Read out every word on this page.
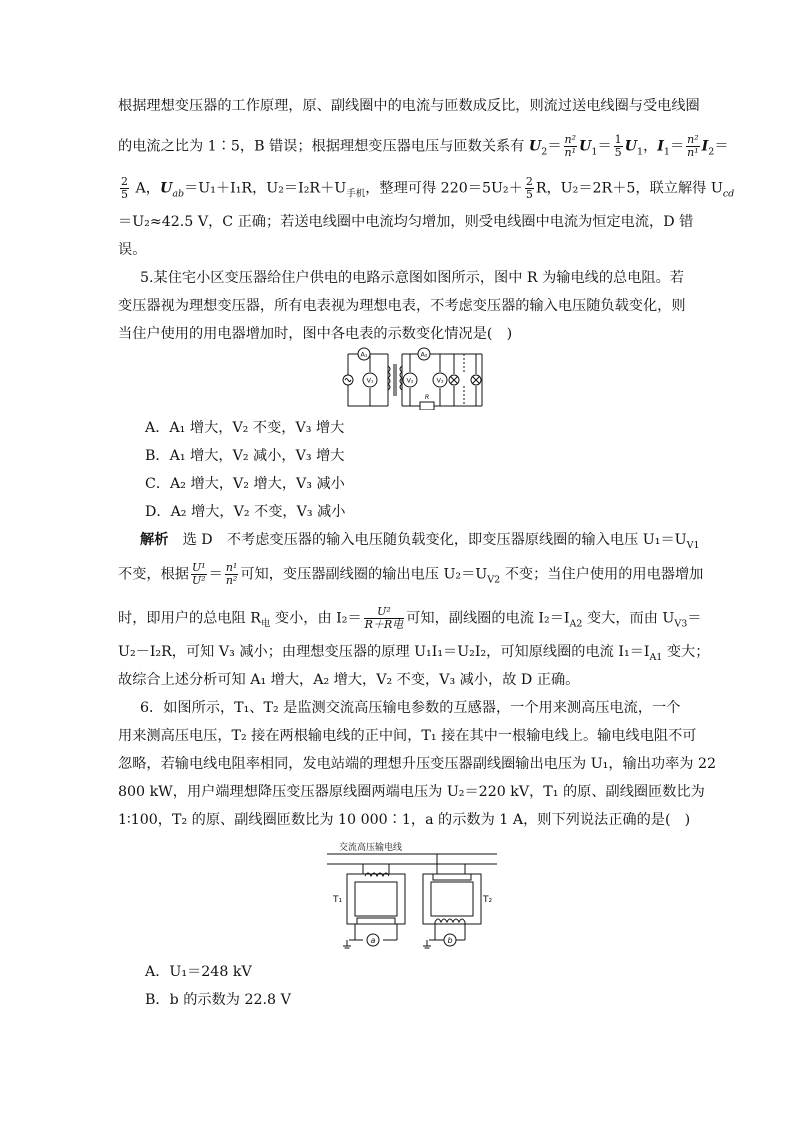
根据理想变压器的工作原理，原、副线圈中的电流与匝数成反比，则流过送电线圈与受电线圈
的电流之比为 1∶5，B 错误；根据理想变压器电压与匝数关系有 $U_2= \frac{\text{n²}}{\text{n¹}} U_1= \frac{1}{5} U_1$，$I_1= \frac{\text{n²}}{\text{n¹}} I_2=$
$\frac{2}{5}$ A，$U_{ab}=U_1+I_1R$，$U_2=I_2R+U_{手机}$，整理可得 $220=5U_2+ \frac{2}{5}$ R，U₂＝2R＋5，联立解得 $U_{cd}$
＝U₂≈42.5 V，C 正确；若送电线圈中电流均匀增加，则受电线圈中电流为恒定电流，D 错
误。
5.某住宅小区变压器给住户供电的电路示意图如图所示，图中 R 为输电线的总电阻。若
变压器视为理想变压器，所有电表视为理想电表，不考虑变压器的输入电压随负载变化，则
当住户使用的用电器增加时，图中各电表的示数变化情况是(　)
A₁	A₂
V₁	V₂	V₃
R
A．A₁ 增大，V₂ 不变，V₃ 增大
B．A₁ 增大，V₂ 减小，V₃ 增大
C．A₂ 增大，V₂ 增大，V₃ 减小
D．A₂ 增大，V₂ 不变，V₃ 减小
解析　 选 D　不考虑变压器的输入电压随负载变化，即变压器原线圈的输入电压 $U_1=U_{V1}$
不变，根据 $\frac{\text{U¹}}{\text{U²}} = \frac{\text{n¹}}{\text{n²}}$ 可知，变压器副线圈的输出电压 $U_2=U_{V2}$ 不变；当住户使用的用电器增加
时，即用户的总电阻 $R_电$ 变小，由 I₂＝	U²
R＋R电 可知，副线圈的电流 $I_2=I_{A2}$ 变大，而由 $U_{V3}=$
U₂－I₂R，可知 V₃ 减小；由理想变压器的原理 U₁I₁＝U₂I₂，可知原线圈的电流 $I_1=I_{A1}$ 变大；
故综合上述分析可知 A₁ 增大，A₂ 增大，V₂ 不变，V₃ 减小，故 D 正确。
6．如图所示，T₁、T₂ 是监测交流高压输电参数的互感器，一个用来测高压电流，一个
用来测高压电压，T₂ 接在两根输电线的正中间，T₁ 接在其中一根输电线上。输电线电阻不可
忽略，若输电线电阻率相同，发电站端的理想升压变压器副线圈输出电压为 U₁，输出功率为 22
800 kW，用户端理想降压变压器原线圈两端电压为 U₂＝220 kV，T₁ 的原、副线圈匝数比为
1∶100，T₂ 的原、副线圈匝数比为 10 000∶1，a 的示数为 1 A，则下列说法正确的是(　)
交流高压输电线
T₁	T₂
a	b
A．U₁＝248 kV
B．b 的示数为 22.8 V
